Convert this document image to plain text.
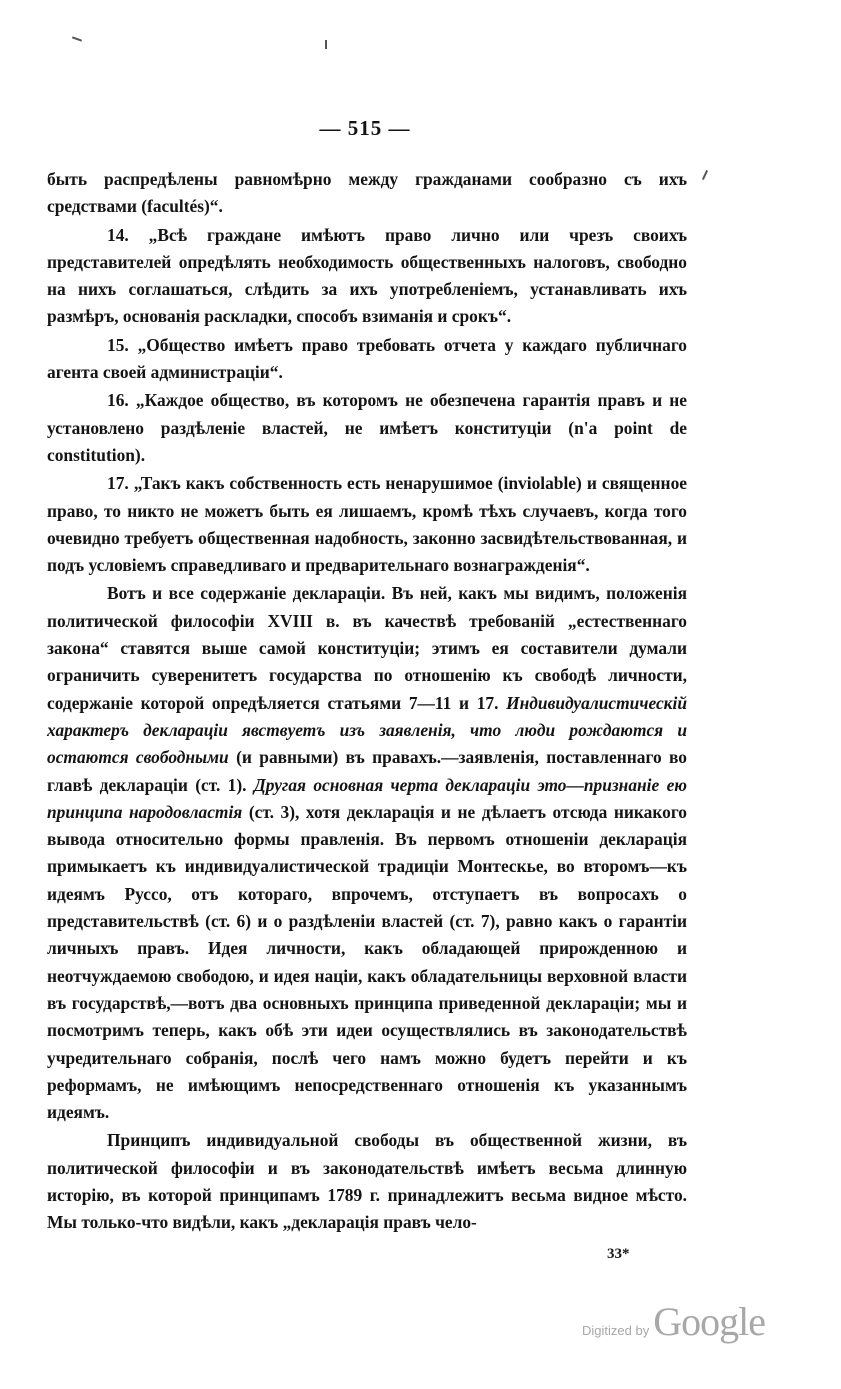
— 515 —

быть распредѣлены равномѣрно между гражданами сообразно съ ихъ средствами (facultés)“.

14. „Всѣ граждане имѣютъ право лично или чрезъ своихъ представителей опредѣлять необходимость общественныхъ налоговъ, свободно на нихъ соглашаться, слѣдить за ихъ употребленіемъ, устанавливать ихъ размѣръ, основанія раскладки, способъ взиманія и срокъ“.

15. „Общество имѣетъ право требовать отчета у каждаго публичнаго агента своей администраціи“.

16. „Каждое общество, въ которомъ не обезпечена гарантія правъ и не установлено раздѣленіе властей, не имѣетъ конституціи (n'a point de constitution).

17. „Такъ какъ собственность есть ненарушимое (inviolable) и священное право, то никто не можетъ быть ея лишаемъ, кромѣ тѣхъ случаевъ, когда того очевидно требуетъ общественная надобность, законно засвидѣтельствованная, и подъ условіемъ справедливаго и предварительнаго вознагражденія“.

Вотъ и все содержаніе деклараціи. Въ ней, какъ мы видимъ, положенія политической философіи XVIII в. въ качествѣ требованій „естественнаго закона“ ставятся выше самой конституціи; этимъ ея составители думали ограничить суверенитетъ государства по отношенію къ свободѣ личности, содержаніе которой опредѣляется статьями 7—11 и 17. Индивидуалистическій характеръ деклараціи явствуетъ изъ заявленія, что люди рождаются и остаются свободными (и равными) въ правахъ.—заявленія, поставленнаго во главѣ деклараціи (ст. 1). Другая основная черта деклараціи это—признаніе ею принципа народовластія (ст. 3), хотя декларація и не дѣлаетъ отсюда никакого вывода относительно формы правленія. Въ первомъ отношеніи декларація примыкаетъ къ индивидуалистической традиціи Монтескье, во второмъ—къ идеямъ Руссо, отъ котораго, впрочемъ, отступаетъ въ вопросахъ о представительствѣ (ст. 6) и о раздѣленіи властей (ст. 7), равно какъ о гарантіи личныхъ правъ. Идея личности, какъ обладающей прирожденною и неотчуждаемою свободою, и идея націи, какъ обладательницы верховной власти въ государствѣ,—вотъ два основныхъ принципа приведенной деклараціи; мы и посмотримъ теперь, какъ обѣ эти идеи осуществлялись въ законодательствѣ учредительнаго собранія, послѣ чего намъ можно будетъ перейти и къ реформамъ, не имѣющимъ непосредственнаго отношенія къ указаннымъ идеямъ.

Принципъ индивидуальной свободы въ общественной жизни, въ политической философіи и въ законодательствѣ имѣетъ весьма длинную исторію, въ которой принципамъ 1789 г. принадлежитъ весьма видное мѣсто. Мы только-что видѣли, какъ „декларація правъ чело-

33*
Digitized by Google
